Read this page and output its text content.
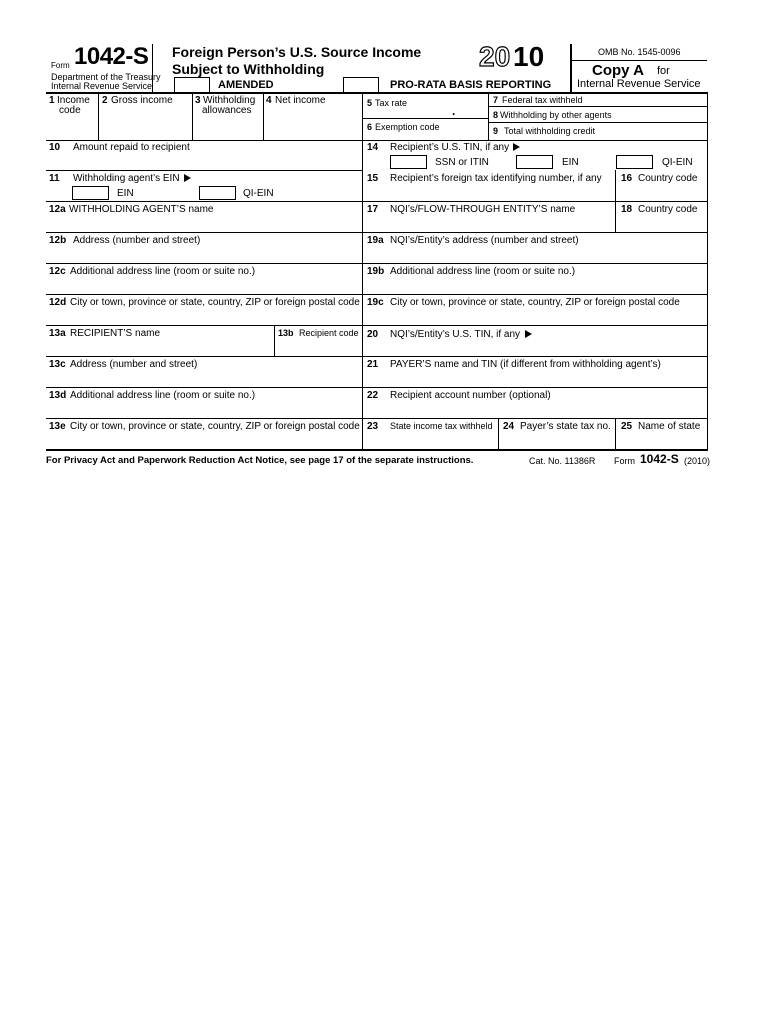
Form 1042-S
Department of the Treasury
Internal Revenue Service
Foreign Person’s U.S. Source Income
Subject to Withholding	20 10	OMB No. 1545-0096
Copy A for
Internal Revenue Service
AMENDED	PRO-RATA BASIS REPORTING
1 Income
code
2 Gross income 3 Withholding
allowances
4 Net income	5 Tax rate
.
6 Exemption code
7 Federal tax withheld
8 Withholding by other agents
9 Total withholding credit
10 Amount repaid to recipient	14 Recipient’s U.S. TIN, if any
SSN or ITIN	EIN	QI-EIN
11 Withholding agent’s EIN
EIN	QI-EIN
15 Recipient’s foreign tax identifying number, if any 16 Country code
12a WITHHOLDING AGENT’S name	17 NQI’s/FLOW-THROUGH ENTITY’S name	18 Country code
12b Address (number and street)	19a NQI’s/Entity’s address (number and street)
12c Additional address line (room or suite no.)	19b Additional address line (room or suite no.)
12d City or town, province or state, country, ZIP or foreign postal code 19c City or town, province or state, country, ZIP or foreign postal code
13a RECIPIENT’S name	13b Recipient code 20 NQI’s/Entity’s U.S. TIN, if any
13c Address (number and street)	21 PAYER’S name and TIN (if different from withholding agent’s)
13d Additional address line (room or suite no.)	22 Recipient account number (optional)
13e City or town, province or state, country, ZIP or foreign postal code 23 State income tax withheld 24 Payer’s state tax no. 25 Name of state
For Privacy Act and Paperwork Reduction Act Notice, see page 17 of the separate instructions.	Cat. No. 11386R Form 1042-S (2010)
